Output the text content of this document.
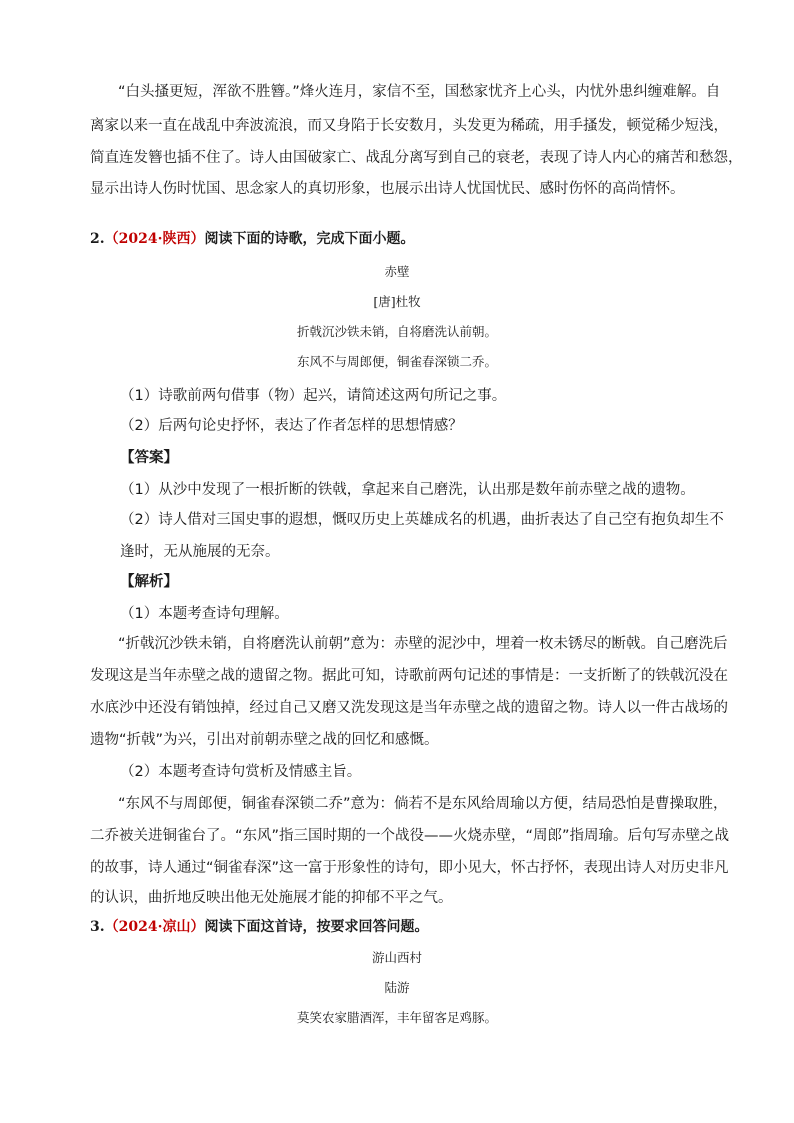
“白头搔更短，浑欲不胜簪。”烽火连月，家信不至，国愁家忧齐上心头，内忧外患纠缠难解。自
离家以来一直在战乱中奔波流浪，而又身陷于长安数月，头发更为稀疏，用手搔发，顿觉稀少短浅，
简直连发簪也插不住了。诗人由国破家亡、战乱分离写到自己的衰老，表现了诗人内心的痛苦和愁怨，
显示出诗人伤时忧国、思念家人的真切形象，也展示出诗人忧国忧民、感时伤怀的高尚情怀。
2.（2024·陕西）阅读下面的诗歌，完成下面小题。
赤壁
[唐]杜牧
折戟沉沙铁未销，自将磨洗认前朝。
东风不与周郎便，铜雀春深锁二乔。
（1）诗歌前两句借事（物）起兴，请简述这两句所记之事。
（2）后两句论史抒怀，表达了作者怎样的思想情感？
【答案】
（1）从沙中发现了一根折断的铁戟，拿起来自己磨洗，认出那是数年前赤壁之战的遗物。
（2）诗人借对三国史事的遐想，慨叹历史上英雄成名的机遇，曲折表达了自己空有抱负却生不
逢时，无从施展的无奈。
【解析】
（1）本题考查诗句理解。
“折戟沉沙铁未销，自将磨洗认前朝”意为：赤壁的泥沙中，埋着一枚未锈尽的断戟。自己磨洗后
发现这是当年赤壁之战的遗留之物。据此可知，诗歌前两句记述的事情是：一支折断了的铁戟沉没在
水底沙中还没有销蚀掉，经过自己又磨又洗发现这是当年赤壁之战的遗留之物。诗人以一件古战场的
遗物“折戟”为兴，引出对前朝赤壁之战的回忆和感慨。
（2）本题考查诗句赏析及情感主旨。
“东风不与周郎便，铜雀春深锁二乔”意为：倘若不是东风给周瑜以方便，结局恐怕是曹操取胜，
二乔被关进铜雀台了。“东风”指三国时期的一个战役——火烧赤壁，“周郎”指周瑜。后句写赤壁之战
的故事，诗人通过“铜雀春深”这一富于形象性的诗句，即小见大，怀古抒怀，表现出诗人对历史非凡
的认识，曲折地反映出他无处施展才能的抑郁不平之气。
3.（2024·凉山）阅读下面这首诗，按要求回答问题。
游山西村
陆游
莫笑农家腊酒浑，丰年留客足鸡豚。
